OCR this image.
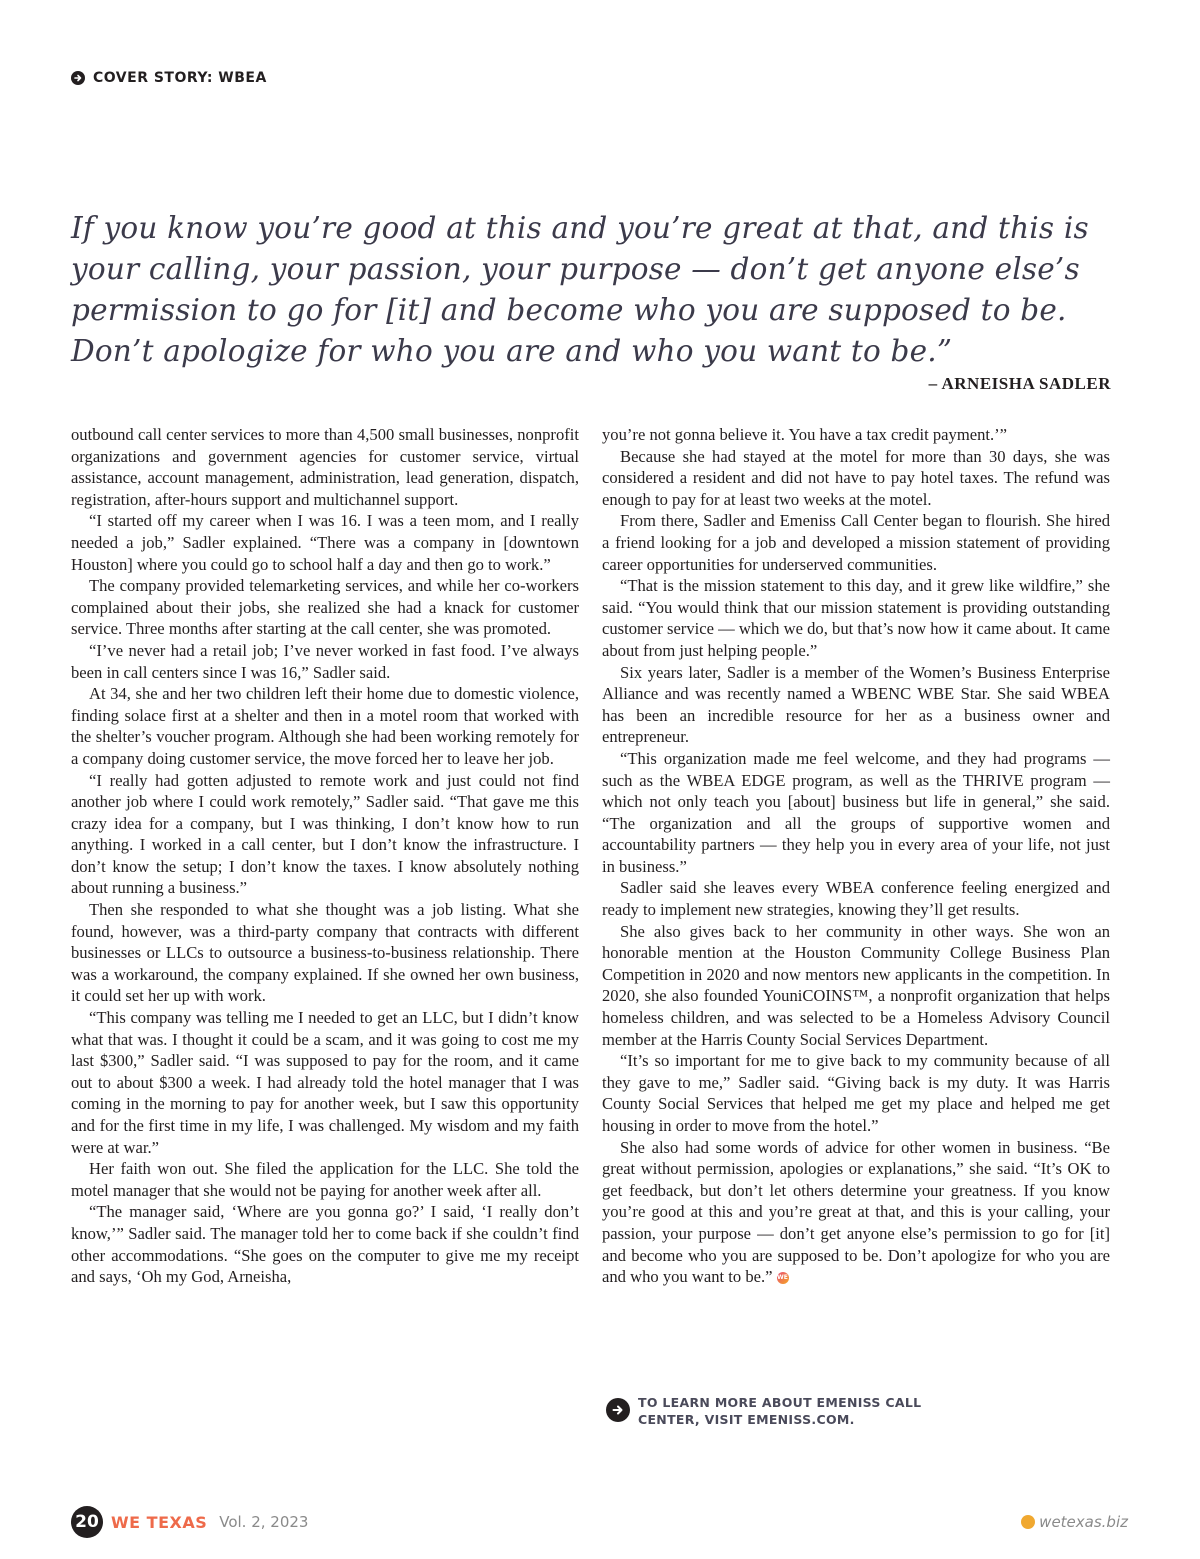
COVER STORY: WBEA
If you know you’re good at this and you’re great at that, and this is your calling, your passion, your purpose — don’t get anyone else’s permission to go for [it] and become who you are supposed to be. Don’t apologize for who you are and who you want to be.”
– ARNEISHA SADLER

outbound call center services to more than 4,500 small businesses, nonprofit organizations and government agencies for customer service, virtual assistance, account management, administration, lead generation, dispatch, registration, after-hours support and multichannel support.

“I started off my career when I was 16. I was a teen mom, and I really needed a job,” Sadler explained. “There was a company in [downtown Houston] where you could go to school half a day and then go to work.”

The company provided telemarketing services, and while her co-workers complained about their jobs, she realized she had a knack for customer service. Three months after starting at the call center, she was promoted.

“I’ve never had a retail job; I’ve never worked in fast food. I’ve always been in call centers since I was 16,” Sadler said.

At 34, she and her two children left their home due to domestic violence, finding solace first at a shelter and then in a motel room that worked with the shelter’s voucher program. Although she had been working remotely for a company doing customer service, the move forced her to leave her job.

“I really had gotten adjusted to remote work and just could not find another job where I could work remotely,” Sadler said. “That gave me this crazy idea for a company, but I was thinking, I don’t know how to run anything. I worked in a call center, but I don’t know the infrastructure. I don’t know the setup; I don’t know the taxes. I know absolutely nothing about running a business.”

Then she responded to what she thought was a job listing. What she found, however, was a third-party company that contracts with different businesses or LLCs to outsource a business-to-business relationship. There was a workaround, the company explained. If she owned her own business, it could set her up with work.

“This company was telling me I needed to get an LLC, but I didn’t know what that was. I thought it could be a scam, and it was going to cost me my last $300,” Sadler said. “I was supposed to pay for the room, and it came out to about $300 a week. I had already told the hotel manager that I was coming in the morning to pay for another week, but I saw this opportunity and for the first time in my life, I was challenged. My wisdom and my faith were at war.”

Her faith won out. She filed the application for the LLC. She told the motel manager that she would not be paying for another week after all.

“The manager said, ‘Where are you gonna go?’ I said, ‘I really don’t know,’” Sadler said. The manager told her to come back if she couldn’t find other accommodations. “She goes on the computer to give me my receipt and says, ‘Oh my God, Arneisha,

you’re not gonna believe it. You have a tax credit payment.’”

Because she had stayed at the motel for more than 30 days, she was considered a resident and did not have to pay hotel taxes. The refund was enough to pay for at least two weeks at the motel.

From there, Sadler and Emeniss Call Center began to flourish. She hired a friend looking for a job and developed a mission statement of providing career opportunities for underserved communities.

“That is the mission statement to this day, and it grew like wildfire,” she said. “You would think that our mission statement is providing outstanding customer service — which we do, but that’s now how it came about. It came about from just helping people.”

Six years later, Sadler is a member of the Women’s Business Enterprise Alliance and was recently named a WBENC WBE Star. She said WBEA has been an incredible resource for her as a business owner and entrepreneur.

“This organization made me feel welcome, and they had programs — such as the WBEA EDGE program, as well as the THRIVE program — which not only teach you [about] business but life in general,” she said. “The organization and all the groups of supportive women and accountability partners — they help you in every area of your life, not just in business.”

Sadler said she leaves every WBEA conference feeling energized and ready to implement new strategies, knowing they’ll get results.

She also gives back to her community in other ways. She won an honorable mention at the Houston Community College Business Plan Competition in 2020 and now mentors new applicants in the competition. In 2020, she also founded YouniCOINS™, a nonprofit organization that helps homeless children, and was selected to be a Homeless Advisory Council member at the Harris County Social Services Department.

“It’s so important for me to give back to my community because of all they gave to me,” Sadler said. “Giving back is my duty. It was Harris County Social Services that helped me get my place and helped me get housing in order to move from the hotel.”

She also had some words of advice for other women in business. “Be great without permission, apologies or explanations,” she said. “It’s OK to get feedback, but don’t let others determine your greatness. If you know you’re good at this and you’re great at that, and this is your calling, your passion, your purpose — don’t get anyone else’s permission to go for [it] and become who you are supposed to be. Don’t apologize for who you are and who you want to be.” WE

TO LEARN MORE ABOUT EMENISS CALL CENTER, VISIT EMENISS.COM.
20 WE TEXAS Vol. 2, 2023	wetexas.biz
